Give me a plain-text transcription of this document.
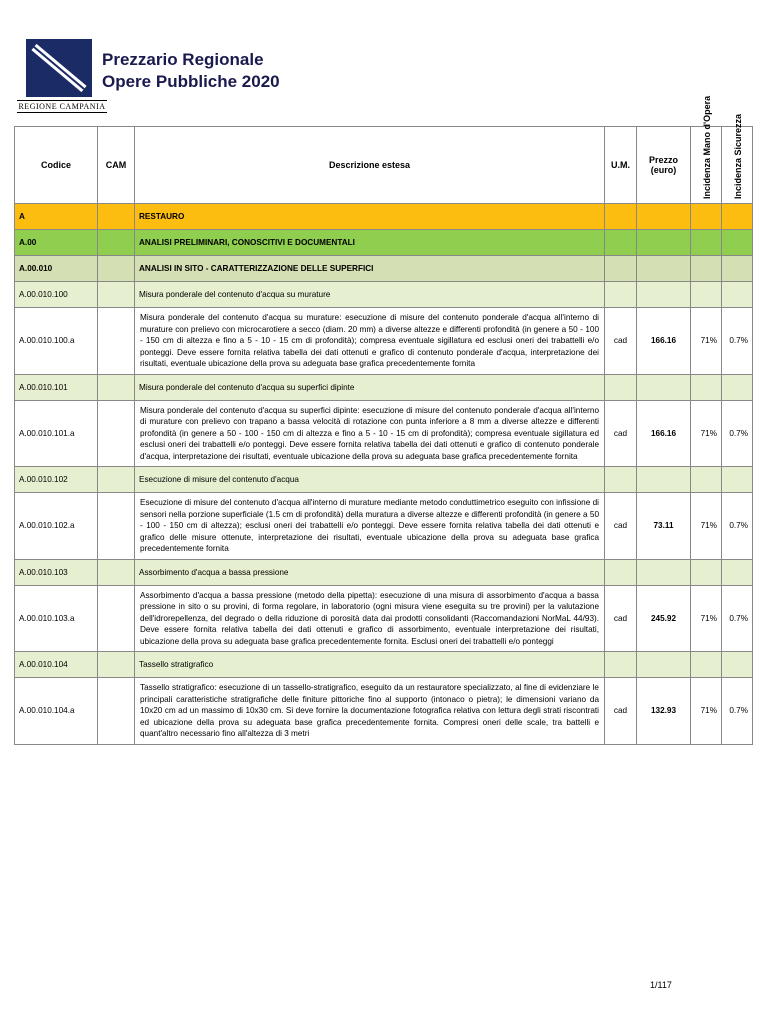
REGIONE CAMPANIA
Prezzario Regionale
Opere Pubbliche 2020
Codice	CAM	Descrizione estesa	U.M.	Prezzo (euro)	Incidenza Mano d'Opera	Incidenza Sicurezza

A		RESTAURO				
A.00		ANALISI PRELIMINARI, CONOSCITIVI E DOCUMENTALI				
A.00.010		ANALISI IN SITO - CARATTERIZZAZIONE DELLE SUPERFICI				
A.00.010.100		Misura ponderale del contenuto d'acqua su murature				
A.00.010.100.a		Misura ponderale del contenuto d'acqua su murature: esecuzione di misure del contenuto ponderale d'acqua all'interno di murature con prelievo con microcarotiere a secco (diam. 20 mm) a diverse altezze e differenti profondità (in genere a 50 - 100 - 150 cm di altezza e fino a 5 - 10 - 15 cm di profondità); compresa eventuale sigillatura ed esclusi oneri dei trabattelli e/o ponteggi. Deve essere fornita relativa tabella dei dati ottenuti e grafico di contenuto ponderale d'acqua, interpretazione dei risultati, eventuale ubicazione della prova su adeguata base grafica precedentemente fornita	cad	166.16	71%	0.7%
A.00.010.101		Misura ponderale del contenuto d'acqua su superfici dipinte				
A.00.010.101.a		Misura ponderale del contenuto d'acqua su superfici dipinte: esecuzione di misure del contenuto ponderale d'acqua all'interno di murature con prelievo con trapano a bassa velocità di rotazione con punta inferiore a 8 mm a diverse altezze e differenti profondità (in genere a 50 - 100 - 150 cm di altezza e fino a 5 - 10 - 15 cm di profondità); compresa eventuale sigillatura ed esclusi oneri dei trabattelli e/o ponteggi. Deve essere fornita relativa tabella dei dati ottenuti e grafico di contenuto ponderale d'acqua, interpretazione dei risultati, eventuale ubicazione della prova su adeguata base grafica precedentemente fornita	cad	166.16	71%	0.7%
A.00.010.102		Esecuzione di misure del contenuto d'acqua				
A.00.010.102.a		Esecuzione di misure del contenuto d'acqua all'interno di murature mediante metodo conduttimetrico eseguito con infissione di sensori nella porzione superficiale (1.5 cm di profondità) della muratura a diverse altezze e differenti profondità (in genere a 50 - 100 - 150 cm di altezza); esclusi oneri dei trabattelli e/o ponteggi. Deve essere fornita relativa tabella dei dati ottenuti e grafico delle misure ottenute, interpretazione dei risultati, eventuale ubicazione della prova su adeguata base grafica precedentemente fornita	cad	73.11	71%	0.7%
A.00.010.103		Assorbimento d'acqua a bassa pressione				
A.00.010.103.a		Assorbimento d'acqua a bassa pressione (metodo della pipetta): esecuzione di una misura di assorbimento d'acqua a bassa pressione in sito o su provini, di forma regolare, in laboratorio (ogni misura viene eseguita su tre provini) per la valutazione dell'idrorepellenza, del degrado o della riduzione di porosità data dai prodotti consolidanti (Raccomandazioni NorMaL 44/93). Deve essere fornita relativa tabella dei dati ottenuti e grafico di assorbimento, eventuale interpretazione dei risultati, ubicazione della prova su adeguata base grafica precedentemente fornita. Esclusi oneri dei trabattelli e/o ponteggi	cad	245.92	71%	0.7%
A.00.010.104		Tassello stratigrafico				
A.00.010.104.a		Tassello stratigrafico: esecuzione di un tassello-stratigrafico, eseguito da un restauratore specializzato, al fine di evidenziare le principali caratteristiche stratigrafiche delle finiture pittoriche fino al supporto (intonaco o pietra); le dimensioni variano da 10x20 cm ad un massimo di 10x30 cm. Si deve fornire la documentazione fotografica relativa con lettura degli strati riscontrati ed ubicazione della prova su adeguata base grafica precedentemente fornita. Compresi oneri delle scale, tra battelli e quant'altro necessario fino all'altezza di 3 metri	cad	132.93	71%	0.7%
1/117
